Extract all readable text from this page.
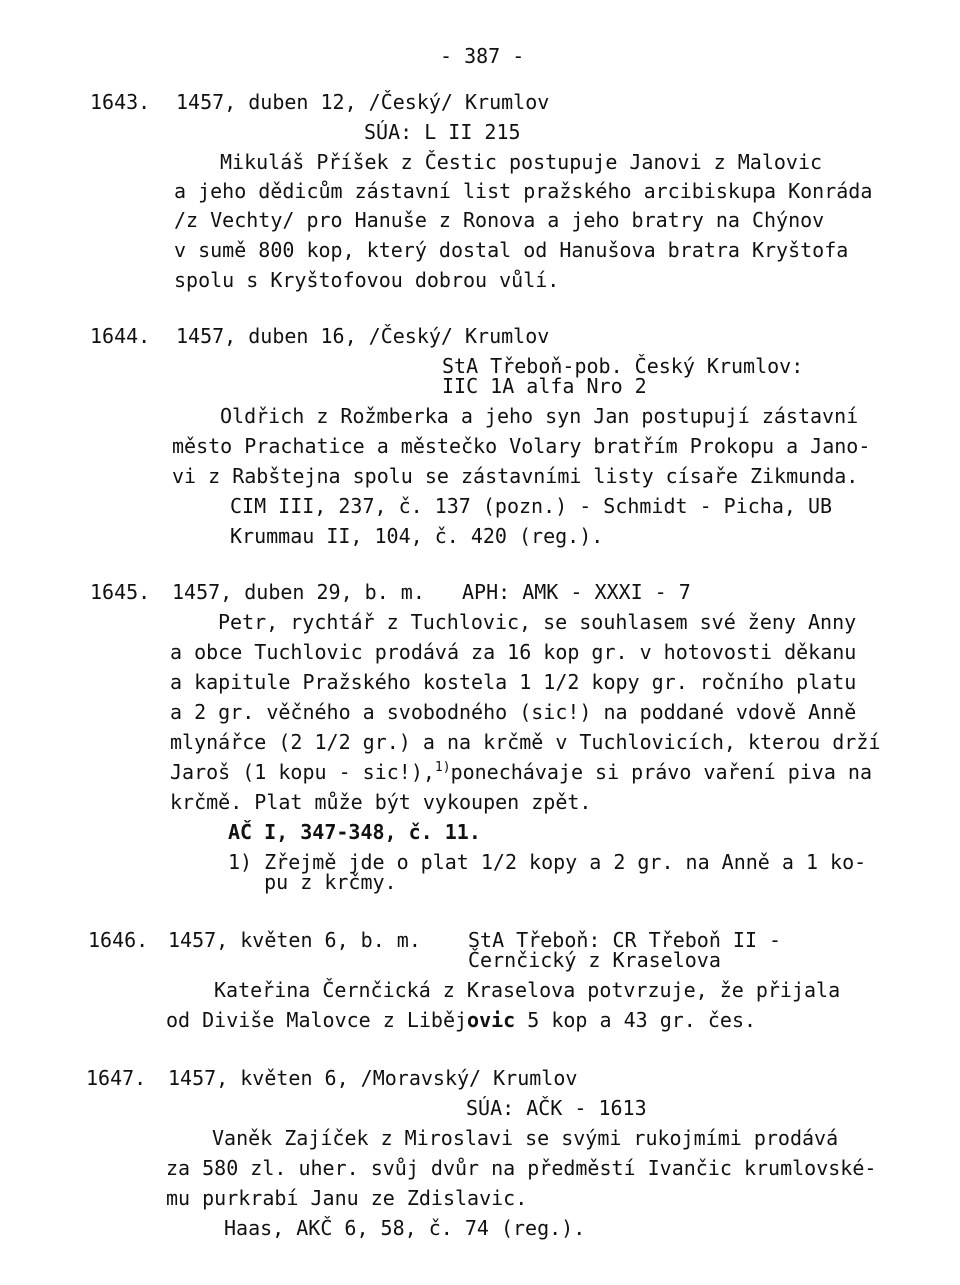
- 387 -
1643. 1457, duben 12, /Český/ Krumlov
SÚA: L II 215
Mikuláš Příšek z Čestic postupuje Janovi z Malovic
a jeho dědicům zástavní list pražského arcibiskupa Konráda
/z Vechty/ pro Hanuše z Ronova a jeho bratry na Chýnov
v sumě 800 kop, který dostal od Hanušova bratra Kryštofa
spolu s Kryštofovou dobrou vůlí.
1644. 1457, duben 16, /Český/ Krumlov
StA Třeboň-pob. Český Krumlov:
IIC 1A alfa Nro 2
Oldřich z Rožmberka a jeho syn Jan postupují zástavní
město Prachatice a městečko Volary bratřím Prokopu a Jano-
vi z Rabštejna spolu se zástavními listy císaře Zikmunda.
CIM III, 237, č. 137 (pozn.) - Schmidt - Picha, UB
Krummau II, 104, č. 420 (reg.).
1645. 1457, duben 29, b. m. APH: AMK - XXXI - 7
Petr, rychtář z Tuchlovic, se souhlasem své ženy Anny
a obce Tuchlovic prodává za 16 kop gr. v hotovosti děkanu
a kapitule Pražského kostela 1 1/2 kopy gr. ročního platu
a 2 gr. věčného a svobodného (sic!) na poddané vdově Anně
mlynářce (2 1/2 gr.) a na krčmě v Tuchlovicích, kterou drží
Jaroš (1 kopu - sic!),$^{1)}$ponechávaje si právo vaření piva na
krčmě. Plat může být vykoupen zpět.
AČ I, 347-348, č. 11.
1) Zřejmě jde o plat 1/2 kopy a 2 gr. na Anně a 1 ko-
pu z krčmy.
1646. 1457, květen 6, b. m. StA Třeboň: CR Třeboň II -
Černčický z Kraselova
Kateřina Černčická z Kraselova potvrzuje, že přijala
od Diviše Malovce z Libějovic 5 kop a 43 gr. čes.
1647. 1457, květen 6, /Moravský/ Krumlov
SÚA: AČK - 1613
Vaněk Zajíček z Miroslavi se svými rukojmími prodává
za 580 zl. uher. svůj dvůr na předměstí Ivančic krumlovské-
mu purkrabí Janu ze Zdislavic.
Haas, AKČ 6, 58, č. 74 (reg.).
